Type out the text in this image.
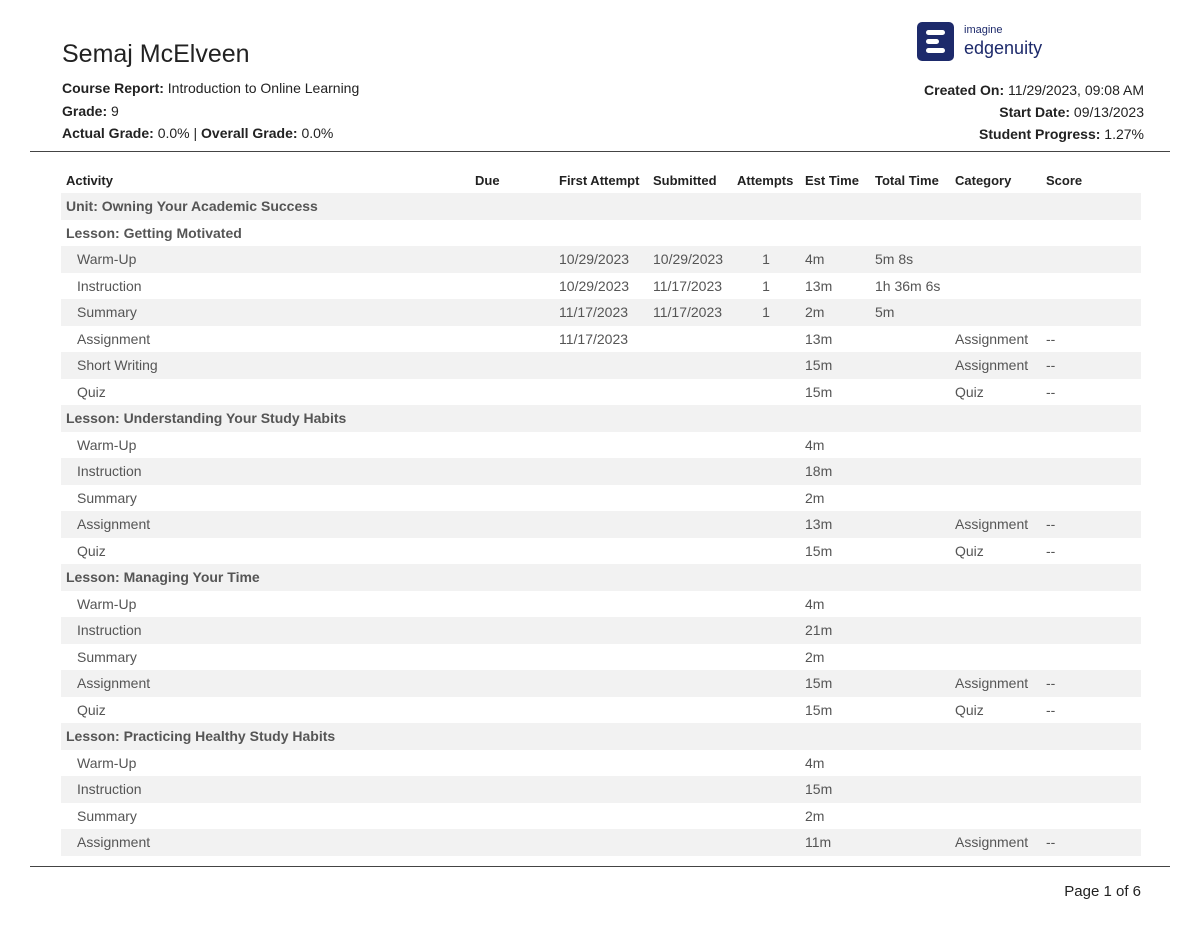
Semaj McElveen
Course Report: Introduction to Online Learning
Grade: 9
Actual Grade: 0.0% | Overall Grade: 0.0%
imagine
edgenuity
Created On: 11/29/2023, 09:08 AM
Start Date: 09/13/2023
Student Progress: 1.27%
Activity	Due	First Attempt	Submitted	Attempts	Est Time	Total Time	Category	Score
Unit: Owning Your Academic Success								
Lesson: Getting Motivated								
Warm-Up		10/29/2023	10/29/2023	1	4m	5m 8s		
Instruction		10/29/2023	11/17/2023	1	13m	1h 36m 6s		
Summary		11/17/2023	11/17/2023	1	2m	5m		
Assignment		11/17/2023			13m		Assignment	--
Short Writing					15m		Assignment	--
Quiz					15m		Quiz	--
Lesson: Understanding Your Study Habits								
Warm-Up					4m			
Instruction					18m			
Summary					2m			
Assignment					13m		Assignment	--
Quiz					15m		Quiz	--
Lesson: Managing Your Time								
Warm-Up					4m			
Instruction					21m			
Summary					2m			
Assignment					15m		Assignment	--
Quiz					15m		Quiz	--
Lesson: Practicing Healthy Study Habits								
Warm-Up					4m			
Instruction					15m			
Summary					2m			
Assignment					11m		Assignment	--
Page 1 of 6
